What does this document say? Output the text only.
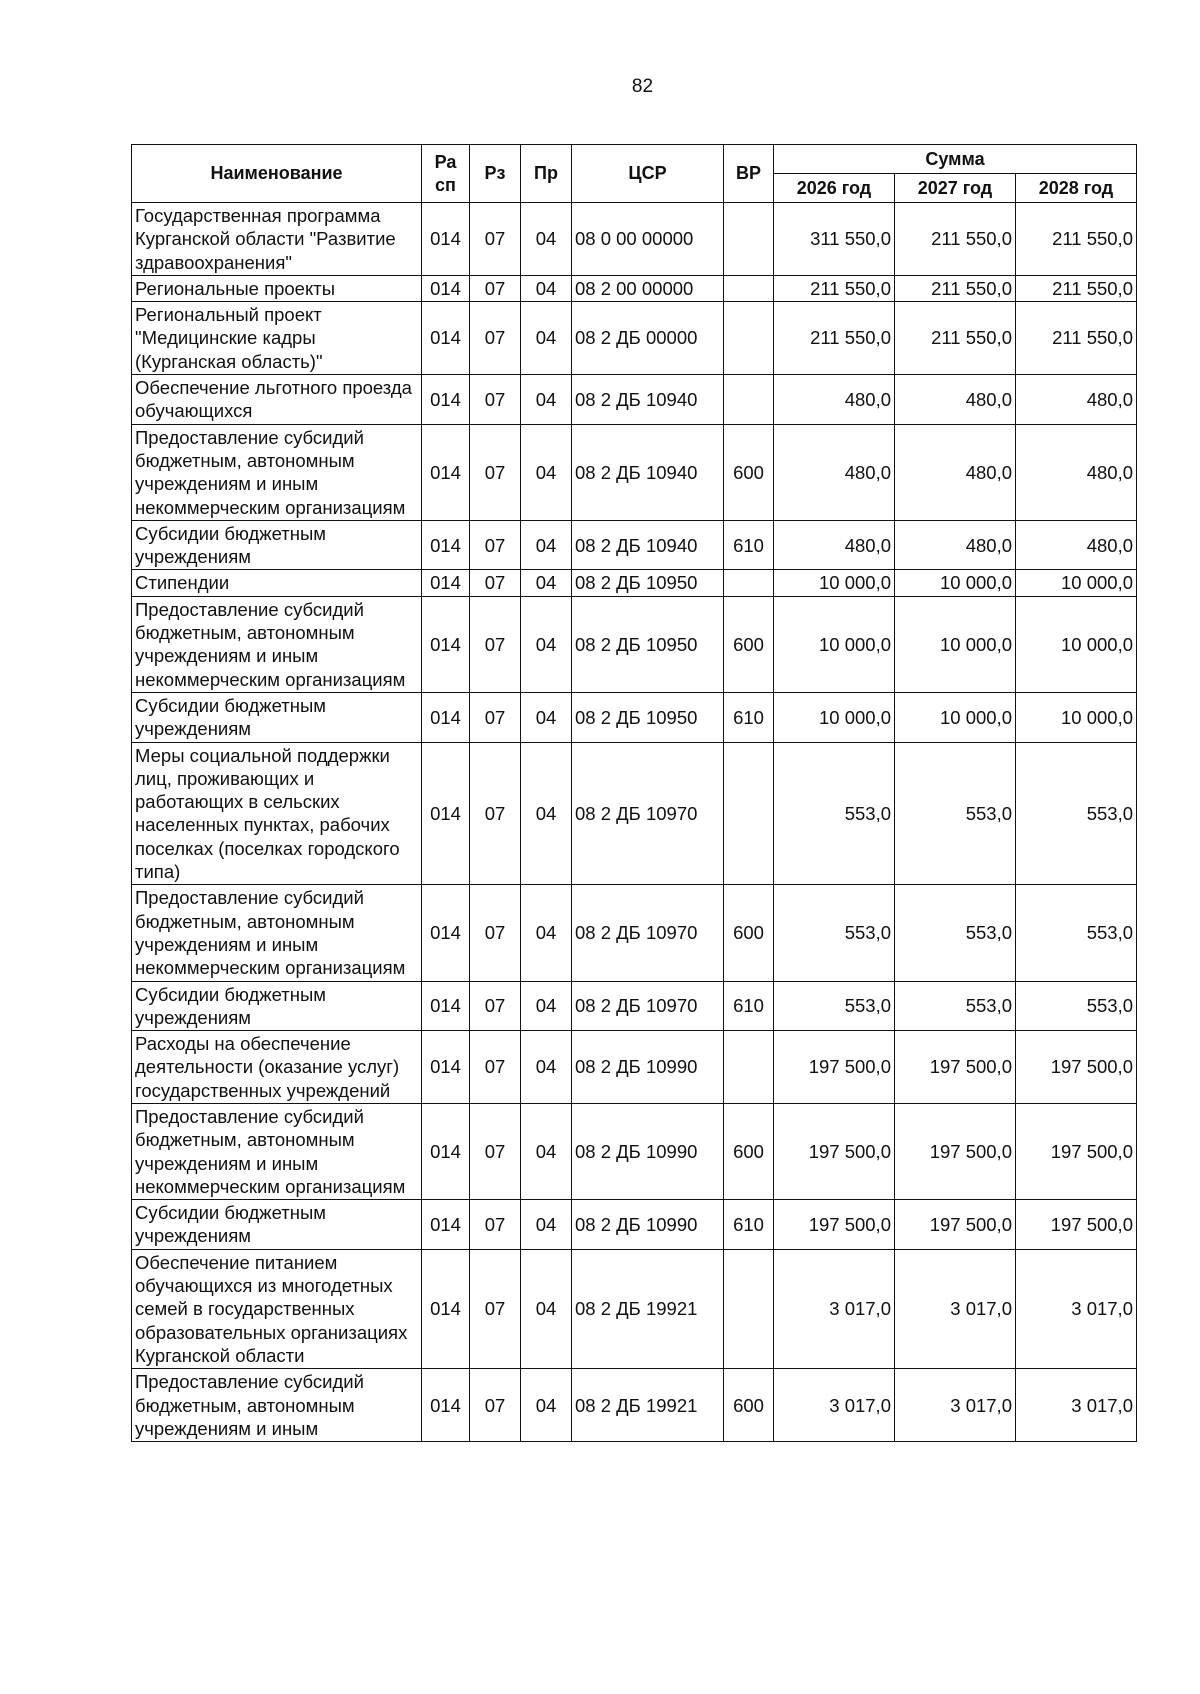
82
Наименование	Ра сп	Рз	Пр	ЦСР	ВР	Сумма		
						2026 год	2027 год	2028 год
Государственная программа Курганской области "Развитие здравоохранения"	014	07	04	08 0 00 00000		311 550,0	211 550,0	211 550,0
Региональные проекты	014	07	04	08 2 00 00000		211 550,0	211 550,0	211 550,0
Региональный проект "Медицинские кадры (Курганская область)"	014	07	04	08 2 ДБ 00000		211 550,0	211 550,0	211 550,0
Обеспечение льготного проезда обучающихся	014	07	04	08 2 ДБ 10940		480,0	480,0	480,0
Предоставление субсидий бюджетным, автономным учреждениям и иным некоммерческим организациям	014	07	04	08 2 ДБ 10940	600	480,0	480,0	480,0
Субсидии бюджетным учреждениям	014	07	04	08 2 ДБ 10940	610	480,0	480,0	480,0
Стипендии	014	07	04	08 2 ДБ 10950		10 000,0	10 000,0	10 000,0
Предоставление субсидий бюджетным, автономным учреждениям и иным некоммерческим организациям	014	07	04	08 2 ДБ 10950	600	10 000,0	10 000,0	10 000,0
Субсидии бюджетным учреждениям	014	07	04	08 2 ДБ 10950	610	10 000,0	10 000,0	10 000,0
Меры социальной поддержки лиц, проживающих и работающих в сельских населенных пунктах, рабочих поселках (поселках городского типа)	014	07	04	08 2 ДБ 10970		553,0	553,0	553,0
Предоставление субсидий бюджетным, автономным учреждениям и иным некоммерческим организациям	014	07	04	08 2 ДБ 10970	600	553,0	553,0	553,0
Субсидии бюджетным учреждениям	014	07	04	08 2 ДБ 10970	610	553,0	553,0	553,0
Расходы на обеспечение деятельности (оказание услуг) государственных учреждений	014	07	04	08 2 ДБ 10990		197 500,0	197 500,0	197 500,0
Предоставление субсидий бюджетным, автономным учреждениям и иным некоммерческим организациям	014	07	04	08 2 ДБ 10990	600	197 500,0	197 500,0	197 500,0
Субсидии бюджетным учреждениям	014	07	04	08 2 ДБ 10990	610	197 500,0	197 500,0	197 500,0
Обеспечение питанием обучающихся из многодетных семей в государственных образовательных организациях Курганской области	014	07	04	08 2 ДБ 19921		3 017,0	3 017,0	3 017,0
Предоставление субсидий бюджетным, автономным учреждениям и иным	014	07	04	08 2 ДБ 19921	600	3 017,0	3 017,0	3 017,0
